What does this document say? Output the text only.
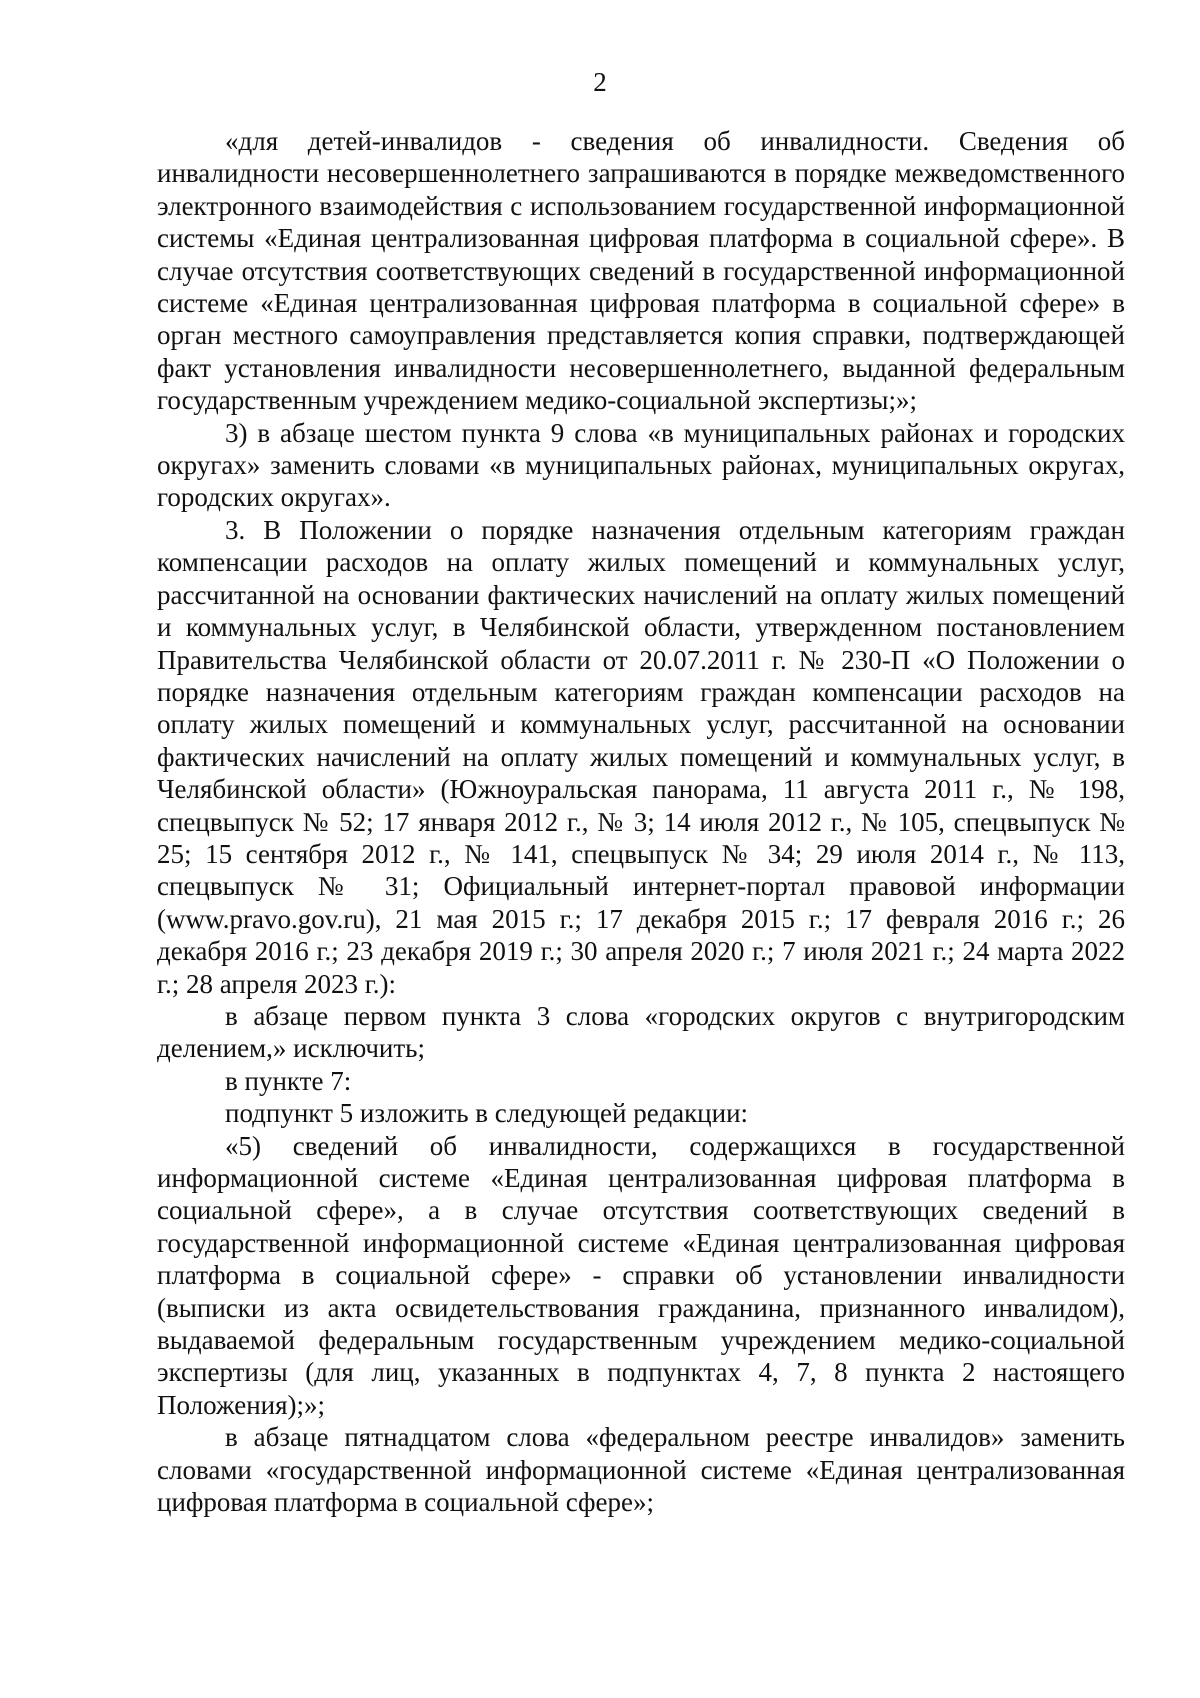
2

«для детей-инвалидов - сведения об инвалидности. Сведения об инвалидности несовершеннолетнего запрашиваются в порядке межведомственного электронного взаимодействия с использованием государственной информационной системы «Единая централизованная цифровая платформа в социальной сфере». В случае отсутствия соответствующих сведений в государственной информационной системе «Единая централизованная цифровая платформа в социальной сфере» в орган местного самоуправления представляется копия справки, подтверждающей факт установления инвалидности несовершеннолетнего, выданной федеральным государственным учреждением медико-социальной экспертизы;»;

3) в абзаце шестом пункта 9 слова «в муниципальных районах и городских округах» заменить словами «в муниципальных районах, муниципальных округах, городских округах».

3. В Положении о порядке назначения отдельным категориям граждан компенсации расходов на оплату жилых помещений и коммунальных услуг, рассчитанной на основании фактических начислений на оплату жилых помещений и коммунальных услуг, в Челябинской области, утвержденном постановлением Правительства Челябинской области от 20.07.2011 г. № 230-П «О Положении о порядке назначения отдельным категориям граждан компенсации расходов на оплату жилых помещений и коммунальных услуг, рассчитанной на основании фактических начислений на оплату жилых помещений и коммунальных услуг, в Челябинской области» (Южноуральская панорама, 11 августа 2011 г., № 198, спецвыпуск № 52; 17 января 2012 г., № 3; 14 июля 2012 г., № 105, спецвыпуск № 25; 15 сентября 2012 г., № 141, спецвыпуск № 34; 29 июля 2014 г., № 113, спецвыпуск № 31; Официальный интернет-портал правовой информации (www.pravo.gov.ru), 21 мая 2015 г.; 17 декабря 2015 г.; 17 февраля 2016 г.; 26 декабря 2016 г.; 23 декабря 2019 г.; 30 апреля 2020 г.; 7 июля 2021 г.; 24 марта 2022 г.; 28 апреля 2023 г.):

в абзаце первом пункта 3 слова «городских округов с внутригородским делением,» исключить;

в пункте 7:

подпункт 5 изложить в следующей редакции:

«5) сведений об инвалидности, содержащихся в государственной информационной системе «Единая централизованная цифровая платформа в социальной сфере», а в случае отсутствия соответствующих сведений в государственной информационной системе «Единая централизованная цифровая платформа в социальной сфере» - справки об установлении инвалидности (выписки из акта освидетельствования гражданина, признанного инвалидом), выдаваемой федеральным государственным учреждением медико-социальной экспертизы (для лиц, указанных в подпунктах 4, 7, 8 пункта 2 настоящего Положения);»;

в абзаце пятнадцатом слова «федеральном реестре инвалидов» заменить словами «государственной информационной системе «Единая централизованная цифровая платформа в социальной сфере»;
